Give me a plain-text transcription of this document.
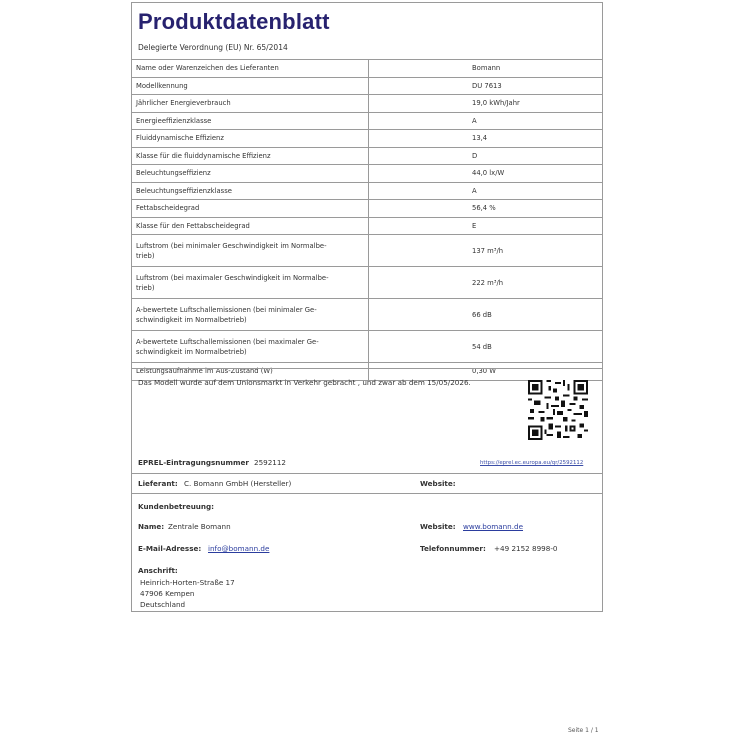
Produktdatenblatt
Delegierte Verordnung (EU) Nr. 65/2014
Name oder Warenzeichen des Lieferanten	Bomann
Modellkennung	DU 7613
Jährlicher Energieverbrauch	19,0 kWh/Jahr
Energieeffizienzklasse	A
Fluiddynamische Effizienz	13,4
Klasse für die fluiddynamische Effizienz	D
Beleuchtungseffizienz	44,0 lx/W
Beleuchtungseffizienzklasse	A
Fettabscheidegrad	56,4 %
Klasse für den Fettabscheidegrad	E
Luftstrom (bei minimaler Geschwindigkeit im Normalbe-
trieb)	137 m³/h
Luftstrom (bei maximaler Geschwindigkeit im Normalbe-
trieb)	222 m³/h
A-bewertete Luftschallemissionen (bei minimaler Ge-
schwindigkeit im Normalbetrieb)	66 dB
A-bewertete Luftschallemissionen (bei maximaler Ge-
schwindigkeit im Normalbetrieb)	54 dB
Leistungsaufnahme im Aus-Zustand (W)	0,30 W
Das Modell wurde auf dem Unionsmarkt in Verkehr gebracht , und zwar ab dem 15/05/2026.
EPREL-Eintragungsnummer 2592112	https://eprel.ec.europa.eu/qr/2592112
Lieferant: C. Bomann GmbH (Hersteller)	Website:
Kundenbetreuung:
Name: Zentrale Bomann	Website: www.bomann.de
E-Mail-Adresse: info@bomann.de	Telefonnummer: +49 2152 8998-0
Anschrift:
Heinrich-Horten-Straße 17
47906 Kempen
Deutschland
Seite 1 / 1
